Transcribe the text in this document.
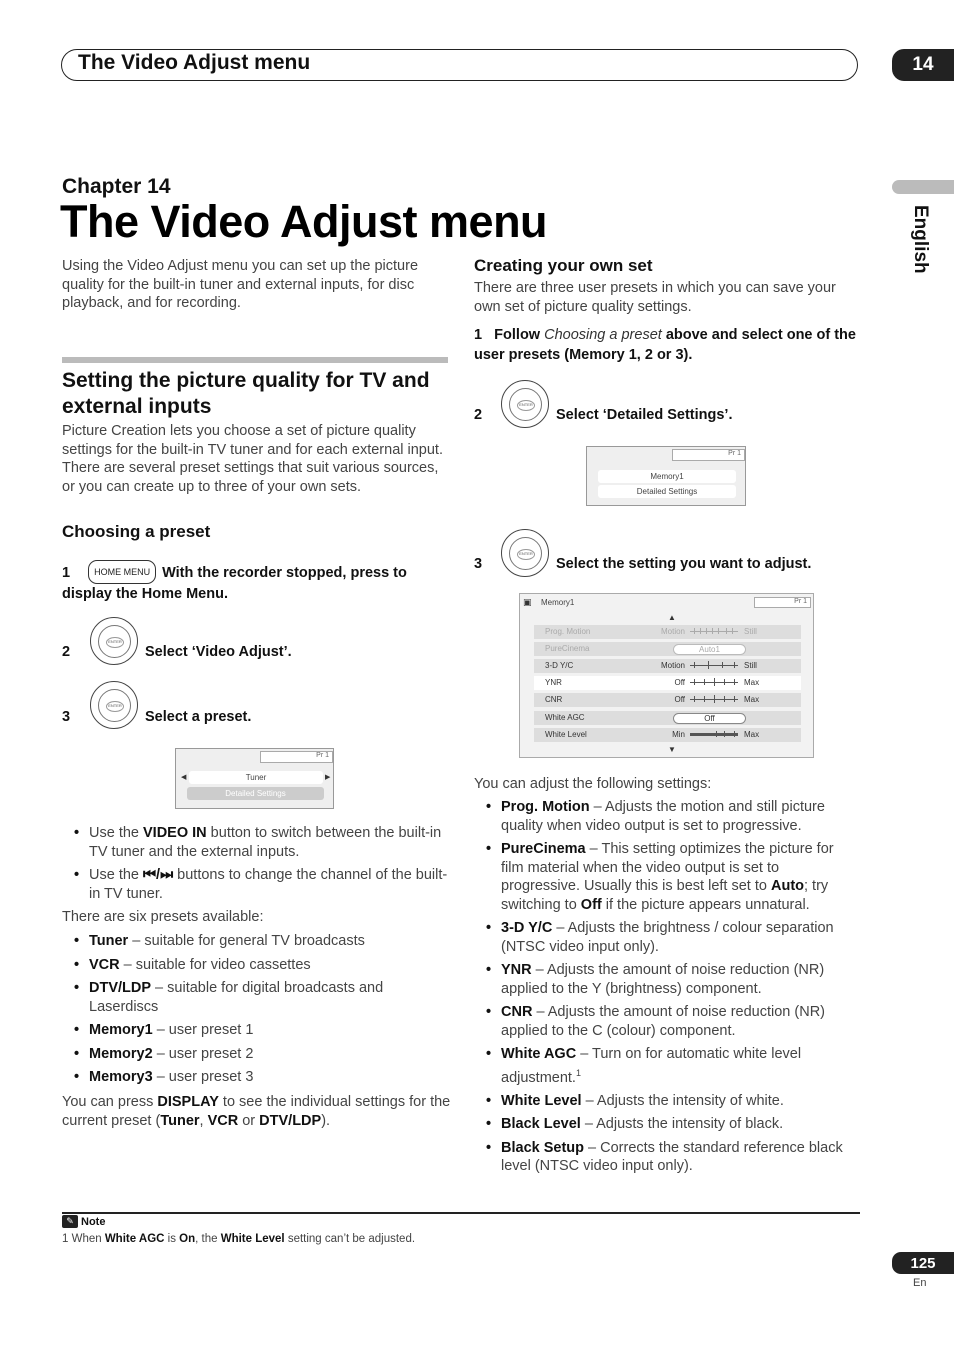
The Video Adjust menu	14
English
Chapter 14
The Video Adjust menu
Using the Video Adjust menu you can set up the picture quality for the built-in tuner and external inputs, for disc playback, and for recording.
Setting the picture quality for TV and external inputs
Picture Creation lets you choose a set of picture quality settings for the built-in TV tuner and for each external input. There are several preset settings that suit various sources, or you can create up to three of your own sets.
Choosing a preset
1	HOME MENU With the recorder stopped, press to display the Home Menu.
2 ENTER	Select ‘Video Adjust’.
3 ENTER	Select a preset.
Pr 1
◀	Tuner	▶
Detailed Settings
• Use the VIDEO IN button to switch between the built-in TV tuner and the external inputs.
• Use the ⏮/⏭ buttons to change the channel of the built-in TV tuner.
There are six presets available:
• Tuner – suitable for general TV broadcasts
• VCR – suitable for video cassettes
• DTV/LDP – suitable for digital broadcasts and Laserdiscs
• Memory1 – user preset 1
• Memory2 – user preset 2
• Memory3 – user preset 3
You can press DISPLAY to see the individual settings for the current preset (Tuner, VCR or DTV/LDP).
Creating your own set
There are three user presets in which you can save your own set of picture quality settings.
1 Follow Choosing a preset above and select one of the user presets (Memory 1, 2 or 3).
2 ENTER	Select ‘Detailed Settings’.
Pr 1
Memory1
Detailed Settings
3 ENTER	Select the setting you want to adjust.
▣	Memory1	Pr 1
▲
Prog. Motion	Motion	Still
PureCinema	Auto1
3-D Y/C	Motion	Still
YNR	Off	Max
CNR	Off	Max
White AGC	Off
White Level	Min	Max
▼
You can adjust the following settings:
• Prog. Motion – Adjusts the motion and still picture quality when video output is set to progressive.
• PureCinema – This setting optimizes the picture for film material when the video output is set to progressive. Usually this is best left set to Auto; try switching to Off if the picture appears unnatural.
• 3-D Y/C – Adjusts the brightness / colour separation (NTSC video input only).
• YNR – Adjusts the amount of noise reduction (NR) applied to the Y (brightness) component.
• CNR – Adjusts the amount of noise reduction (NR) applied to the C (colour) component.
• White AGC – Turn on for automatic white level adjustment.$^1$
• White Level – Adjusts the intensity of white.
• Black Level – Adjusts the intensity of black.
• Black Setup – Corrects the standard reference black level (NTSC video input only).
✎ Note
1 When White AGC is On, the White Level setting can’t be adjusted.
125
En
